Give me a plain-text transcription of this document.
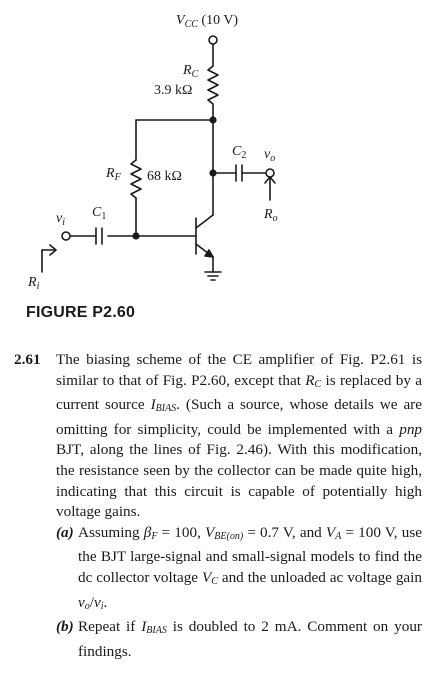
$V_{CC}$ (10 V)
$R_C$
3.9 kΩ
$R_F$ 68 kΩ
$C_2$ $v_o$
$R_o$
$v_i$
$C_1$
$R_i$
FIGURE P2.60
2.61 The biasing scheme of the CE amplifier of Fig. P2.61 is similar to that of Fig. P2.60, except that $R_C$ is replaced by a current source $I_{BIAS}$. (Such a source, whose details we are omitting for simplicity, could be implemented with a pnp BJT, along the lines of Fig. 2.46). With this modification, the resistance seen by the collector can be made quite high, indicating that this circuit is capable of potentially high voltage gains.
(a) Assuming $\beta_F = 100$, $V_{BE(on)} = 0.7$ V, and $V_A = 100$ V, use the BJT large-signal and small-signal models to find the dc collector voltage $V_C$ and the unloaded ac voltage gain $v_o/v_i$.
(b) Repeat if $I_{BIAS}$ is doubled to 2 mA. Comment on your findings.
